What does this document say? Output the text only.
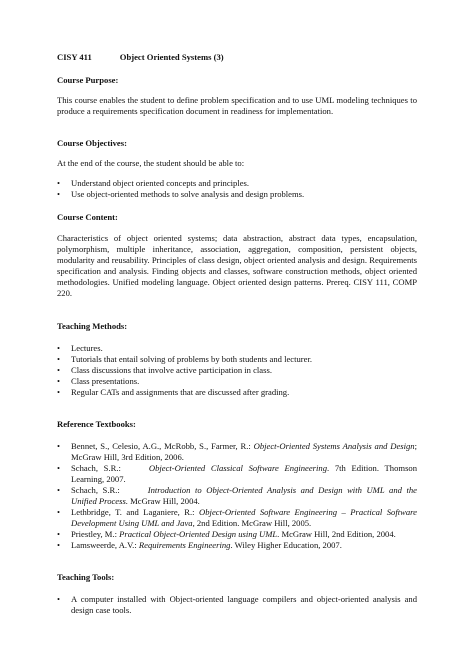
CISY 411	Object Oriented Systems (3)
Course Purpose:

This course enables the student to define problem specification and to use UML modeling techniques to produce a requirements specification document in readiness for implementation.

Course Objectives:

At the end of the course, the student should be able to:

• Understand object oriented concepts and principles.
• Use object-oriented methods to solve analysis and design problems.
Course Content:

Characteristics of object oriented systems; data abstraction, abstract data types, encapsulation, polymorphism, multiple inheritance, association, aggregation, composition, persistent objects, modularity and reusability. Principles of class design, object oriented analysis and design. Requirements specification and analysis. Finding objects and classes, software construction methods, object oriented methodologies. Unified modeling language. Object oriented design patterns. Prereq. CISY 111, COMP 220.

Teaching Methods:
• Lectures.
• Tutorials that entail solving of problems by both students and lecturer.
• Class discussions that involve active participation in class.
• Class presentations.
• Regular CATs and assignments that are discussed after grading.
Reference Textbooks:
• Bennet, S., Celesio, A.G., McRobb, S., Farmer, R.: Object-Oriented Systems Analysis and Design; McGraw Hill, 3rd Edition, 2006.
• Schach, S.R.:	Object-Oriented Classical Software Engineering. 7th Edition. Thomson Learning, 2007.
• Schach, S.R.:	Introduction to Object-Oriented Analysis and Design with UML and the Unified Process. McGraw Hill, 2004.
• Lethbridge, T. and Laganiere, R.: Object-Oriented Software Engineering – Practical Software Development Using UML and Java, 2nd Edition. McGraw Hill, 2005.
• Priestley, M.: Practical Object-Oriented Design using UML. McGraw Hill, 2nd Edition, 2004.
• Lamsweerde, A.V.: Requirements Engineering. Wiley Higher Education, 2007.
Teaching Tools:
• A computer installed with Object-oriented language compilers and object-oriented analysis and design case tools.
